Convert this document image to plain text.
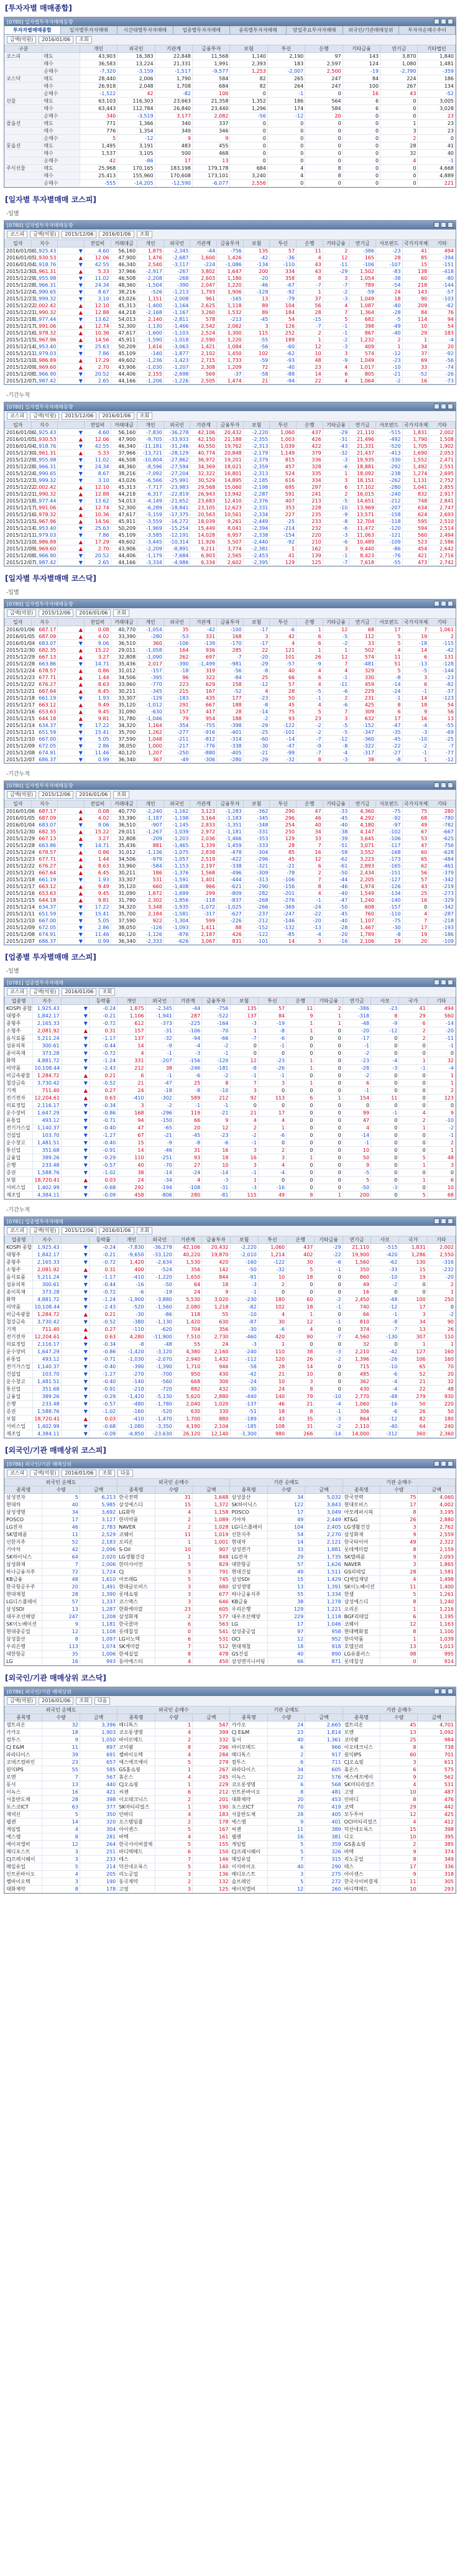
[투자자별 매매종합]
[0780] 일자별투자자매매동향
투자자별매매종합	일자별투자자매매	시간대별투자자매매	업종별투자자매매	종목별투자자매매	당일주요투자자매매	외국인/기관매매상위	투자자순매수추이
금액(억원)	2016/01/06	조회
구분		개인	외국인	기관계	금융투자	보험	투신	은행	기타금융	연기금	기타법인
코스피	매도	43,903	16,383	22,848	11,568	1,140	2,190	97	143	3,870	1,840
	매수	36,583	13,224	21,331	1,991	2,393	183	2,597	124	1,080	1,481
	순매수	-7,320	-3,159	-1,517	-9,577	1,253	-2,007	2,500	-19	-2,790	-359
코스닥	매도	28,440	2,006	1,790	584	82	265	247	84	224	186
	매수	26,918	2,048	1,708	684	82	264	247	100	267	134
	순매수	-1,522	42	-82	100	0	-1	0	16	43	-52
선물	매도	63,103	116,303	23,663	21,358	1,352	186	564	6	0	3,005
	매수	63,443	112,784	26,840	23,440	1,296	174	584	6	0	3,028
	순매수	340	-3,519	3,177	2,082	-56	-12	20	0	0	23
콜옵션	매도	771	1,366	340	337	0	0	0	0	1	23
	매수	776	1,354	349	346	0	0	0	0	3	23
	순매수	5	-12	9	9	0	0	0	0	2	0
풋옵션	매도	1,495	3,191	483	455	0	0	0	0	28	41
	매수	1,537	3,105	500	468	0	0	0	0	32	40
	순매수	42	-86	17	13	0	0	0	0	4	-1
주식선물	매도	25,968	170,165	183,198	179,178	684	4	8	0	0	4,668
	매수	25,413	155,960	170,608	173,101	3,240	4	8	0	0	4,889
	순매수	-555	-14,205	-12,590	-6,077	2,556	0	0	0	0	221
[일자별 투자별매매 코스피]
-일별
[0780] 일자별투자자매매동향
코스피	금액(억원)	2015/12/06	2016/01/06	조회
일자	지수		전일비	거래대금	개인	외국인	기관계	금융투자	보험	투신	은행	기타금융	연기금	사모펀드	국가지자체	기타
2016/01/06	1,925.43	▼	4.60	56,160	1,875	-2,345	-44	-756	135	57	11	2	-386	-23	41	494
2016/01/05	1,930.53	▲	12.06	47,900	1,476	-2,687	1,600	1,426	-42	-36	4	12	165	28	85	-394
2016/01/04	1,918.76	▼	42.55	46,340	2,540	-3,117	-224	-1,086	-134	-110	43	-11	-106	-107	15	-151
2015/12/30	1,961.31	▲	5.33	37,966	-2,917	-267	3,802	1,647	200	334	43	-29	1,502	-83	138	-418
2015/12/29	1,955.98	▼	11.02	46,508	-2,208	-268	2,603	1,180	-20	358	8	3	1,054	-38	60	-80
2015/12/28	1,966.31	▼	24.34	48,360	-1,504	-390	2,047	1,220	-46	-67	-7	-7	789	-54	218	-144
2015/12/24	1,990.65	▼	8.67	38,216	-526	-1,213	1,793	1,906	-128	-92	1	-2	-59	24	143	-57
2015/12/23	1,999.32	▼	3.10	43,026	1,151	-2,008	961	-165	13	-79	37	-3	1,049	18	90	-103
2015/12/22	2,002.42	▲	12.10	45,313	-1,400	-1,164	2,625	1,118	89	104	56	4	1,087	-40	209	-62
2015/12/21	1,990.32	▲	12.88	44,218	-2,168	-1,167	3,260	1,532	89	184	28	7	1,364	-28	84	76
2015/12/18	1,977.44	▼	13.62	54,013	2,140	-2,811	578	-213	-45	54	-15	5	682	-5	114	94
2015/12/17	1,991.06	▲	12.74	52,300	-1,130	-1,466	2,542	2,062	3	126	-7	-1	398	-49	10	54
2015/12/16	1,978.32	▲	10.36	47,617	-1,600	-1,103	2,524	1,300	115	252	2	-1	867	-40	29	183
2015/12/15	1,967.96	▲	14.56	45,911	-1,590	-1,018	2,590	1,220	-55	189	1	-2	1,232	2	1	-4
2015/12/14	1,953.40	▼	25.63	50,209	1,616	-3,063	1,421	1,084	-56	-60	12	-3	409	1	34	20
2015/12/11	1,979.03	▼	7.86	45,109	-140	-1,877	2,102	1,450	102	-62	10	3	574	-12	37	-92
2015/12/10	1,986.89	▲	17.29	49,602	-1,236	-1,423	2,715	1,733	-59	-93	48	-9	1,049	-23	69	-56
2015/12/09	1,969.60	▲	2.70	43,906	-1,030	-1,207	2,308	1,209	72	-40	23	4	1,017	-10	33	-74
2015/12/08	1,966.90	▼	20.52	44,406	2,155	-2,698	569	-37	-58	-88	14	6	805	-21	-52	-26
2015/12/07	1,987.42	▼	2.65	44,166	-1,206	-1,226	2,505	1,474	21	-94	22	4	1,064	-2	16	-73
-기간누적
[0780] 일자별투자자매매동향
코스피	금액(억원)	2015/12/06	2016/01/06	조회
일자	지수		전일비	거래대금	개인	외국인	기관계	금융투자	보험	투신	은행	기타금융	연기금	사모펀드	국가지자체	기타
2016/01/06	1,925.43	▼	4.60	56,160	-7,830	-36,278	42,106	20,432	-2,220	1,060	437	-29	21,110	-515	1,831	2,002
2016/01/05	1,930.53	▲	12.06	47,900	-9,705	-33,933	42,150	21,188	-2,355	1,003	426	-31	21,496	-492	1,790	1,508
2016/01/04	1,918.76	▼	42.55	46,340	-11,181	-31,246	40,550	19,762	-2,313	1,039	422	-43	21,331	-520	1,705	1,902
2015/12/30	1,961.31	▲	5.33	37,966	-13,721	-28,129	40,774	20,848	-2,179	1,149	379	-32	21,437	-413	1,690	2,053
2015/12/29	1,955.98	▼	11.02	46,508	-10,804	-27,862	36,972	19,201	-2,379	815	336	-3	19,935	-330	1,552	2,471
2015/12/28	1,966.31	▼	24.34	48,360	-8,596	-27,594	34,369	18,021	-2,359	457	328	-6	18,881	-292	1,492	2,551
2015/12/24	1,990.65	▼	8.67	38,216	-7,092	-27,204	32,322	16,801	-2,313	524	335	1	18,092	-238	1,274	2,695
2015/12/23	1,999.32	▼	3.10	43,026	-6,566	-25,991	30,529	14,895	-2,185	616	334	3	18,151	-262	1,131	2,752
2015/12/22	2,002.42	▲	12.10	45,313	-7,717	-23,983	29,568	15,060	-2,198	695	297	6	17,102	-280	1,041	2,855
2015/12/21	1,990.32	▲	12.88	44,218	-6,317	-22,819	26,943	13,942	-2,287	591	241	2	16,015	-240	832	2,917
2015/12/18	1,977.44	▼	13.62	54,013	-4,149	-21,652	23,683	12,410	-2,376	407	213	-5	14,651	-212	748	2,841
2015/12/17	1,991.06	▲	12.74	52,300	-6,289	-18,841	23,105	12,623	-2,331	353	228	-10	13,969	-207	634	2,747
2015/12/16	1,978.32	▲	10.36	47,617	-5,159	-17,375	20,563	10,561	-2,334	227	235	-9	13,571	-158	624	2,693
2015/12/15	1,967.96	▲	14.56	45,911	-3,559	-16,272	18,039	9,261	-2,449	-25	233	-8	12,704	-118	595	2,510
2015/12/14	1,953.40	▼	25.63	50,209	-1,969	-15,254	15,449	8,041	-2,394	-214	232	-6	11,472	-120	594	2,514
2015/12/11	1,979.03	▼	7.86	45,109	-3,585	-12,191	14,028	6,957	-2,338	-154	220	-3	11,063	-121	560	2,494
2015/12/10	1,986.89	▲	17.29	49,602	-3,445	-10,314	11,926	5,507	-2,440	-92	210	-6	10,489	-109	523	2,586
2015/12/09	1,969.60	▲	2.70	43,906	-2,209	-8,891	9,211	3,774	-2,381	1	162	3	9,440	-86	454	2,642
2015/12/08	1,966.90	▼	20.52	44,406	-1,179	-7,684	6,903	2,565	-2,453	41	139	-1	8,423	-76	421	2,716
2015/12/07	1,987.42	▼	2.65	44,166	-3,334	-4,986	6,334	2,602	-2,395	129	125	-7	7,618	-55	473	2,742
[일자별 투자별매매 코스닥]
-일별
[0780] 일자별투자자매매동향
금액(억원)	2015/12/06	2016/01/06	조회
일자	지수		전일비	거래대금	개인	외국인	기관계	금융투자	보험	투신	은행	기타금융	연기금	사모펀드	국가지자체	기타
2016/01/06	687.17	▲	0.08	40,770	-1,054	35	-42	-100	-17	-6	1	12	68	17	7	1,061
2016/01/05	687.09	▲	4.02	33,390	-280	-53	331	168	3	42	6	-5	112	5	19	2
2016/01/04	683.07	▼	9.06	36,510	360	-106	-139	-170	-17	4	6	-2	33	5	-18	-115
2015/12/30	682.35	▲	15.22	29,011	-1,058	164	936	285	22	121	1	1	502	4	14	-42
2015/12/29	667.13	▲	3.27	32,808	-1,090	262	697	-7	-20	101	26	12	574	11	6	131
2015/12/28	663.86	▼	14.71	35,436	2,017	-390	-1,499	-981	-29	-57	-9	7	-481	51	-13	-128
2015/12/24	678.57	▲	0.86	31,012	-157	-18	319	-56	-8	40	4	4	329	5	-5	-144
2015/12/23	677.71	▲	1.44	34,506	-395	96	322	-84	25	66	6	-1	330	-8	3	-23
2015/12/22	676.27	▲	8.63	33,960	-770	223	629	158	-12	57	4	-11	459	-14	6	-82
2015/12/21	667.64	▲	6.45	30,211	-345	215	167	-52	4	28	-5	-6	229	-24	-1	-37
2015/12/18	661.19	▼	1.93	33,307	-129	-183	435	177	-23	50	-1	2	231	-1	14	-123
2015/12/17	663.12	▲	9.49	35,120	-1,012	291	667	188	-8	45	4	-6	425	8	18	54
2015/12/16	653.63	▲	9.45	31,090	-630	157	417	28	-14	75	5	7	309	6	9	56
2015/12/15	644.18	▲	9.81	31,780	-1,046	79	954	188	-2	93	23	3	632	17	16	13
2015/12/14	634.37	▼	17.22	34,320	1,164	-354	-755	-398	-29	-122	-2	-5	-152	-47	-4	-55
2015/12/11	651.59	▼	15.41	35,700	1,262	-277	-916	-401	-25	-101	-2	-5	-347	-35	-3	-69
2015/12/10	667.00	▼	5.05	37,590	1,048	-211	-812	-314	-60	-14	-7	-12	-360	-45	-10	-25
2015/12/09	672.05	▼	2.86	38,050	1,000	-217	-776	-338	-30	-47	-9	-8	-322	-22	-2	-7
2015/12/08	674.91	▼	11.46	40,120	1,207	-250	-880	-405	-21	-99	-7	-4	-317	-27	-1	-77
2015/12/07	686.37	▼	0.99	36,340	367	-49	-306	-280	-29	-32	8	-3	38	-8	1	-12
-기간누적
[0780] 일자별투자자매매동향
금액(억원)	2015/12/06	2016/01/06	조회
일자	지수		전일비	거래대금	개인	외국인	기관계	금융투자	보험	투신	은행	기타금융	연기금	사모펀드	국가지자체	기타
2016/01/06	687.17	▲	0.08	40,770	-2,240	-1,162	3,123	-1,283	-362	290	47	-33	4,360	-75	75	280
2016/01/05	687.09	▲	4.02	33,390	-1,187	-1,198	3,164	-1,183	-345	296	46	-45	4,292	-92	68	-780
2016/01/04	683.07	▼	9.06	36,510	-907	-1,145	2,833	-1,351	-348	254	40	-40	4,180	-97	49	-782
2015/12/30	682.35	▲	15.22	29,011	-1,267	-1,039	2,972	-1,181	-331	250	34	-38	4,147	-102	67	-667
2015/12/29	667.13	▲	3.27	32,808	-209	-1,203	2,036	-1,466	-353	129	33	-39	3,645	-106	53	-625
2015/12/28	663.86	▼	14.71	35,436	881	-1,465	1,339	-1,459	-333	28	7	-51	3,071	-117	47	-756
2015/12/24	678.57	▲	0.86	31,012	-1,136	-1,075	2,838	-478	-304	85	16	-58	3,552	-168	60	-628
2015/12/23	677.71	▲	1.44	34,506	-979	-1,057	2,519	-422	-296	45	12	-62	3,223	-173	65	-484
2015/12/22	676.27	▲	8.63	33,960	-584	-1,153	2,197	-338	-321	-21	6	-61	2,893	-165	62	-461
2015/12/21	667.64	▲	6.45	30,211	186	-1,376	1,568	-496	-309	-78	2	-50	2,434	-151	56	-379
2015/12/18	661.19	▼	1.93	33,307	531	-1,591	1,401	-444	-313	-106	7	-44	2,205	-127	57	-342
2015/12/17	663.12	▲	9.49	35,120	660	-1,408	966	-621	-290	-156	8	-46	1,974	-126	43	-219
2015/12/16	653.63	▲	9.45	31,090	1,672	-1,699	299	-809	-282	-201	4	-40	1,549	-134	25	-273
2015/12/15	644.18	▲	9.81	31,780	2,302	-1,856	-118	-837	-268	-276	-1	-47	1,240	-140	16	-329
2015/12/14	634.37	▼	17.22	34,320	3,348	-1,935	-1,072	-1,025	-266	-369	-24	-50	608	-157	0	-342
2015/12/11	651.59	▼	15.41	35,700	2,184	-1,581	-317	-627	-237	-247	-22	-45	760	-110	4	-287
2015/12/10	667.00	▼	5.05	37,590	922	-1,304	599	-226	-212	-146	-20	-40	1,107	-75	7	-218
2015/12/09	672.05	▼	2.86	38,050	-126	-1,093	1,411	88	-152	-132	-13	-28	1,467	-30	17	-193
2015/12/08	674.91	▼	11.46	40,120	-1,126	-876	2,187	426	-122	-85	-4	-20	1,789	-8	19	-186
2015/12/07	686.37	▼	0.99	36,340	-2,333	-626	3,067	831	-101	14	3	-16	2,106	19	20	-109
[업종별 투자별매매 코스피]
-일별
[0781] 업종별투자자매매
코스피	금액(억원)	2016/01/06	조회
업종명	지수		등락률	개인	외국인	기관계	금융투자	보험	투신	은행	기타금융	연기금	사모	국가	기타
KOSPI 종합	1,925.43	▼	-0.24	1,875	-2,345	-44	-756	135	57	11	2	-386	-23	41	494
대형주	1,842.17	▼	-0.21	1,106	-1,941	287	-522	137	84	9	1	-318	8	29	560
중형주	2,165.33	▼	-0.72	612	-373	-225	-164	-3	-19	1	1	-48	-9	6	-14
소형주	2,081.92	▲	0.31	157	-31	-106	-70	1	-8	1	0	-20	-12	2	-20
음식료품	5,211.24	▼	-1.17	137	-32	-94	-66	-7	-6	0	0	-17	0	2	-11
섬유의복	300.61	▼	-0.44	14	-9	-4	-2	0	-1	0	0	-1	0	0	-1
종이목재	373.28	▼	-0.72	4	-1	-3	-1	0	0	0	0	-2	0	0	0
화학	4,881.72	▼	-1.24	331	-207	-156	-120	12	-23	1	0	-23	-4	1	32
의약품	10,108.44	▼	-2.43	212	38	-246	-181	-8	-26	1	0	-28	-3	-1	-4
비금속광물	1,284.72	▲	0.21	6	-1	-6	-2	-1	-1	0	0	-2	0	0	1
철강금속	3,730.42	▼	-0.52	21	-47	25	8	7	3	1	0	6	0	0	1
기계	711.40	▲	0.27	24	-18	-8	-10	3	0	0	0	-1	0	0	2
전기전자	12,204.61	▲	0.63	-410	-302	589	212	92	113	6	1	154	11	0	123
의료정밀	2,116.17	▼	-0.34	3	-2	-1	-1	0	0	0	0	0	0	0	0
운수장비	1,647.29	▼	-0.86	168	-296	119	-21	21	17	0	0	99	-1	4	9
유통업	493.12	▼	-0.71	94	-150	66	9	4	4	0	0	47	0	2	-10
전기가스업	1,140.37	▼	-0.40	47	-65	20	12	2	1	0	0	4	0	1	-2
건설업	103.70	▼	-1.27	67	-21	-45	-23	-2	-6	0	0	-14	0	0	-1
운수창고	1,481.51	▼	-0.40	15	-9	-8	-6	-1	0	0	0	-1	0	0	2
통신업	351.68	▼	-0.91	14	-46	31	16	3	2	0	0	10	0	0	1
금융업	389.26	▼	-0.29	110	-251	93	18	16	3	1	0	50	0	5	48
은행	233.48	▼	-0.57	40	-70	27	10	3	4	0	0	9	0	1	3
증권	1,588.76	▼	-1.02	38	-14	-24	-14	-1	-4	0	0	-5	0	0	0
보험	18,720.41	▲	0.03	24	-34	4	-3	1	0	0	0	5	0	1	6
서비스업	1,402.99	▼	-0.68	292	-194	-108	-31	-3	-16	0	0	-50	-3	0	10
제조업	4,384.11	▼	-0.09	458	-806	280	-81	115	49	8	1	200	0	5	68
-기간누적
[0781] 업종별투자자매매
코스피	금액(억원)	2015/12/06	2016/01/06	조회
업종명	지수		등락률	개인	외국인	기관계	금융투자	보험	투신	은행	기타금융	연기금	사모	국가	기타
KOSPI 종합	1,925.43	▼	-0.24	-7,830	-36,278	42,106	20,432	-2,220	1,060	437	-29	21,110	-515	1,831	2,002
대형주	1,842.17	▼	-0.21	-9,650	-33,120	40,220	19,870	-2,010	1,214	402	-22	19,900	-420	1,286	2,550
중형주	2,165.33	▼	-0.72	1,420	-2,634	1,530	420	-160	-122	30	-6	1,560	-62	130	-316
소형주	2,081.92	▲	0.31	400	-524	356	142	-50	-32	5	-1	350	-33	15	-232
음식료품	5,211.24	▼	-1.17	-410	-1,220	1,650	844	-91	10	18	0	860	-10	19	-20
섬유의복	300.61	▼	-0.44	-16	-50	64	18	-3	2	0	0	49	-2	0	2
종이목재	373.28	▼	-0.72	-6	-19	24	9	-1	0	0	0	16	0	0	1
화학	4,881.72	▼	-1.24	-1,900	-3,880	5,530	3,020	-230	180	60	-2	2,450	-48	100	250
의약품	10,108.44	▼	-2.43	-520	-1,560	2,080	1,218	-82	102	18	-1	740	-12	17	0
비금속광물	1,284.72	▲	0.21	-30	-86	118	55	-10	4	1	0	66	-1	3	-2
철강금속	3,730.42	▼	-0.52	-380	-1,130	1,420	630	-87	30	12	-1	810	-8	34	90
기계	711.40	▲	0.27	-110	-620	704	356	-30	-6	4	0	374	-7	13	26
전기전자	12,204.61	▲	0.63	4,280	-11,900	7,510	2,730	-460	420	90	-7	4,560	-130	307	110
의료정밀	2,116.17	▼	-0.34	-8	-48	55	24	-3	1	0	0	32	0	1	1
운수장비	1,647.29	▼	-0.86	-1,420	-3,120	4,380	2,160	-240	110	38	-3	2,210	-42	127	160
유통업	493.12	▼	-0.71	-1,030	-2,070	2,940	1,432	-112	120	26	-2	1,396	-26	106	160
전기가스업	1,140.37	▼	-0.40	-390	-1,390	1,710	946	-58	28	14	0	715	-10	65	70
건설업	103.70	▼	-1.27	-270	-700	950	430	-42	21	10	0	485	-6	52	20
운수창고	1,481.51	▼	-0.40	-140	-560	668	300	-24	10	3	0	362	-4	21	32
통신업	351.68	▼	-0.91	-210	-720	882	432	-30	24	8	0	430	-4	22	48
금융업	389.26	▼	-0.29	-1,420	-5,130	5,620	2,880	-440	140	79	-10	2,770	-48	279	930
은행	233.48	▼	-0.57	-480	-1,780	2,040	1,020	-137	46	21	-4	1,060	-16	50	220
증권	1,588.76	▼	-1.02	-160	-520	630	330	-51	18	8	-1	306	-6	26	50
보험	18,720.41	▲	0.03	-410	-1,470	1,700	880	-189	43	35	-3	864	-12	82	180
서비스업	1,402.99	▼	-0.68	-1,080	-3,350	4,190	2,104	-185	108	31	-2	2,110	-40	64	240
제조업	4,384.11	▼	-0.09	-4,850	-23,630	26,120	12,140	-1,300	980	266	-14	14,000	-312	360	2,360
[외국인/기관 매매상위 코스피]
[0786] 외국인/기관 매매상위
코스피	금액(억원)	2016/01/06	조회	다음
외국인 순매도			외국인 순매수			기관 순매도			기관 순매수		
종목명	수량	금액	종목명	수량	금액	종목명	수량	금액	종목명	수량	금액
삼성전자	5	6,213	한국전력	31	1,648	삼성물산	34	5,032	한국전력	75	4,060
현대차	40	5,985	삼성에스디	15	1,372	SK하이닉스	122	3,843	현대모비스	17	4,002
삼성생명	34	3,692	LG화학	4	1,158	POSCO	17	3,049	아모레퍼시픽	8	3,195
POSCO	17	3,127	한미약품	2	1,089	기아차	49	2,449	KT&G	26	2,880
LG전자	46	2,783	NAVER	2	1,028	LG디스플레이	104	2,405	LG생활건강	3	2,762
SK텔레콤	11	2,529	코웨이	11	1,019	신한지주	54	2,270	삼성화재	9	2,559
신한지주	52	2,183	오리온	1	1,001	현대차	14	2,121	한국타이어	49	2,322
기아차	42	2,096	S-Oil	10	907	삼성전기	33	1,881	롯데케미칼	8	2,159
SK하이닉스	64	2,020	LG생활건강	1	848	LG전자	29	1,735	SK텔레콤	9	2,093
삼성화재	7	2,006	한미사이언	5	829	대한항공	57	1,626	NAVER	3	1,865
하나금융지주	72	1,724	CJ	3	791	현대건설	49	1,511	GS리테일	28	1,581
KB금융	48	1,610	아모레G	5	745	삼성SDI	15	1,429	CJ제일제당	4	1,498
한국항공우주	20	1,491	현대글로비스	3	680	삼성생명	13	1,391	SK이노베이션	11	1,400
현대제철	28	1,390	롯데쇼핑	3	677	하나금융지주	55	1,334	한샘	5	1,261
LG디스플레이	57	1,337	코스맥스	3	646	KB금융	38	1,278	삼성에스디	8	1,240
삼성SDI	13	1,287	한화케미칼	23	605	우리은행	129	1,221	오리온	1	1,216
대우조선해양	247	1,208	삼성화재	2	577	대우조선해양	229	1,118	BGF리테일	6	1,195
SK이노베이션	9	1,181	한국콜마	6	563	LG	17	1,046	코웨이	12	1,163
현대중공업	12	1,108	롯데칠성	0	541	삼성중공업	97	958	현대백화점	8	1,100
삼성물산	8	1,097	LG이노텍	6	531	OCI	12	952	한미약품	1	1,039
우리은행	113	1,074	SK케미칼	7	512	현대제철	18	918	호텔신라	13	1,013
대한항공	35	1,006	한세실업	8	478	GS건설	40	890	LG유플러스	98	995
LG	16	993	동아에스티	4	450	삼성엔지니어링	66	871	롯데칠성	0	914
[외국인/기관 매매상위 코스닥]
[0786] 외국인/기관 매매상위
금액(억원)	2016/01/06	조회	다음
외국인 순매도			외국인 순매수			기관 순매도			기관 순매수		
종목명	수량	금액	종목명	수량	금액	종목명	수량	금액	종목명	수량	금액
셀트리온	32	3,396	메디톡스	1	547	카카오	24	2,665	셀트리온	45	4,701
카카오	18	1,903	코오롱생명	4	399	CJ E&M	23	1,814	로엔	13	1,092
컴투스	9	1,050	바이로메드	2	332	동서	40	1,361	코미팜	25	984
CJ E&M	11	897	코미팜	8	296	바이로메드	6	966	이오테크닉스	8	738
파라다이스	39	691	쎌바이오텍	4	284	메디톡스	2	917	원익IPS	60	701
코데즈컴바인	23	657	에스에프에이	5	279	컴투스	6	711	CJ오쇼핑	3	611
원익IPS	55	585	GS홈쇼핑	1	267	파라다이스	34	605	휴온스	6	575
로엔	7	567	휴온스	4	245	이녹스	22	576	에스에프에이	9	562
동서	13	440	CJ오쇼핑	1	229	코오롱생명	6	568	SK머티리얼즈	4	531
이녹스	16	421	씨젠	6	212	인트론바이오	8	481	고영	10	487
서울반도체	28	398	이오테크닉스	2	201	대화제약	20	453	인바디	8	476
포스코ICT	63	377	SK머티리얼즈	1	190	포스코ICT	70	419	코텍	29	442
제넥신	5	350	인바디	4	183	서울반도체	28	405	모두투어	12	425
웹젠	14	320	오스템임플	2	178	에스엠	9	401	OCI머티리얼즈	4	412
게임빌	4	304	아이센스	5	167	씨젠	11	389	덕산네오룩스	15	398
에스엠	8	281	바텍	4	161	웹젠	16	381	디오	10	395
에이치엘비	12	264	한국사이버결제	5	155	게임빌	5	359	GS홈쇼핑	2	385
메디포스트	3	251	바디텍메드	6	150	CJ프레시웨이	5	326	바텍	9	374
CJ프레시웨이	3	233	테스	7	146	매일유업	7	315	리노공업	8	349
매일유업	5	214	덕산네오룩스	5	140	이지바이오	40	290	테스	17	336
인트론바이오	4	205	리노공업	3	136	메디포스트	3	275	아이센스	9	318
쎌바이오텍	3	190	동국제약	2	132	솔브레인	5	272	한국사이버결제	11	305
대화제약	8	178	고영	3	125	에이치엘비	12	260	바디텍메드	10	293
